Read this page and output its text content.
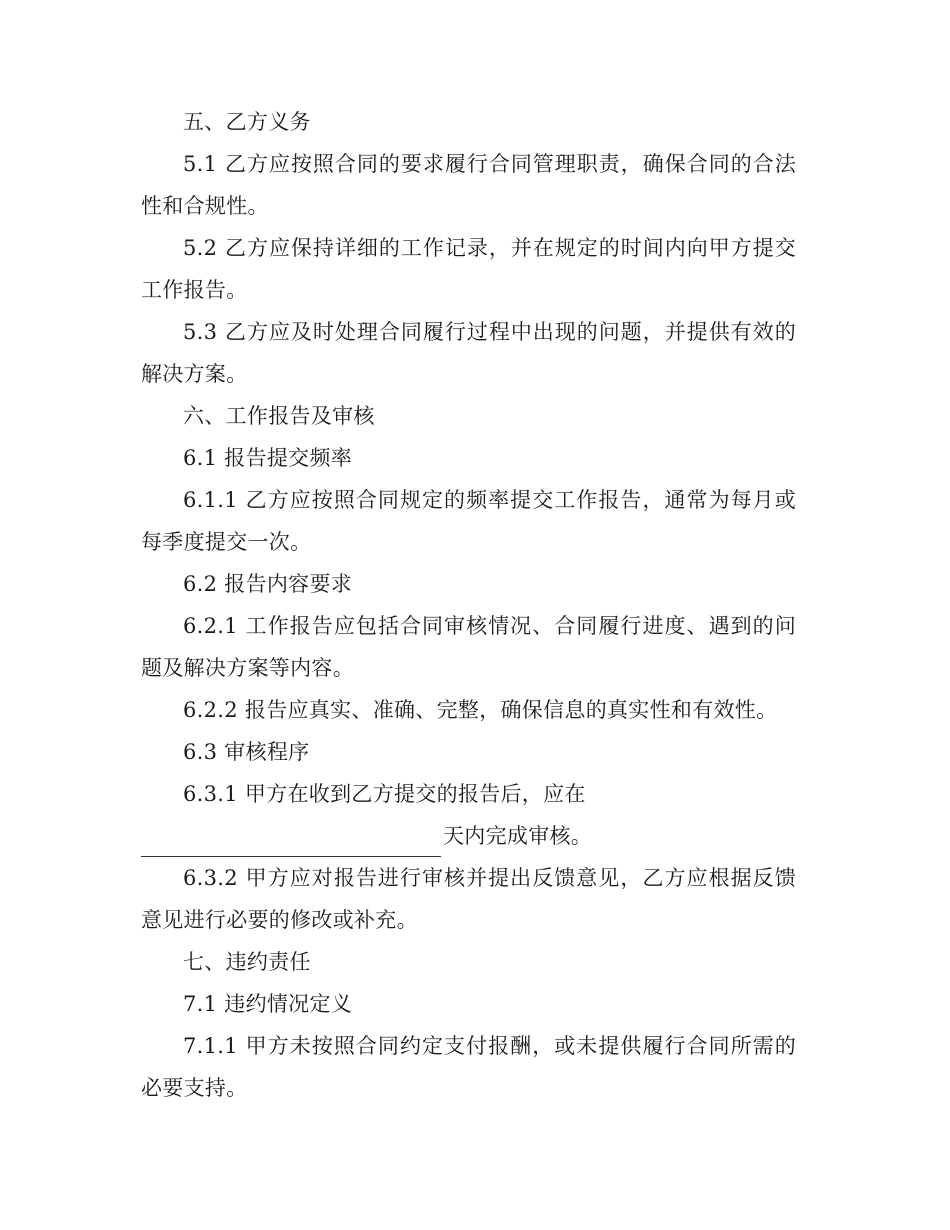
五、乙方义务

5.1 乙方应按照合同的要求履行合同管理职责，确保合同的合法性和合规性。

5.2 乙方应保持详细的工作记录，并在规定的时间内向甲方提交工作报告。

5.3 乙方应及时处理合同履行过程中出现的问题，并提供有效的解决方案。

六、工作报告及审核

6.1 报告提交频率

6.1.1 乙方应按照合同规定的频率提交工作报告，通常为每月或每季度提交一次。

6.2 报告内容要求

6.2.1 工作报告应包括合同审核情况、合同履行进度、遇到的问题及解决方案等内容。

6.2.2 报告应真实、准确、完整，确保信息的真实性和有效性。

6.3 审核程序

6.3.1 甲方在收到乙方提交的报告后，应在

天内完成审核。

6.3.2 甲方应对报告进行审核并提出反馈意见，乙方应根据反馈意见进行必要的修改或补充。

七、违约责任

7.1 违约情况定义

7.1.1 甲方未按照合同约定支付报酬，或未提供履行合同所需的必要支持。
